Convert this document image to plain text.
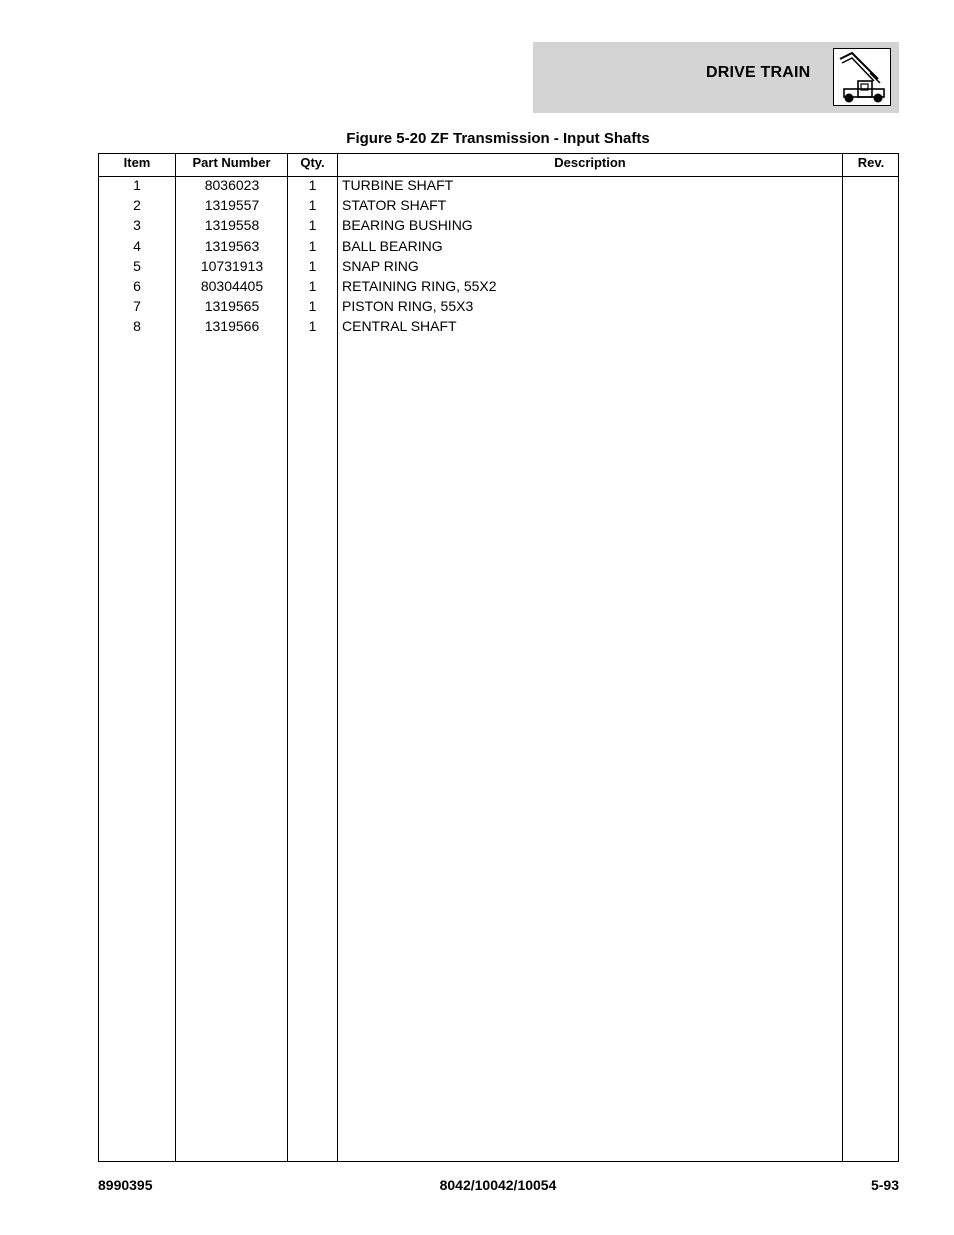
DRIVE TRAIN
Figure 5-20 ZF Transmission - Input Shafts
Item	Part Number	Qty.	Description	Rev.
1	8036023	1	TURBINE SHAFT
2	1319557	1	STATOR SHAFT
3	1319558	1	BEARING BUSHING
4	1319563	1	BALL BEARING
5	10731913	1	SNAP RING
6	80304405	1	RETAINING RING, 55X2
7	1319565	1	PISTON RING, 55X3
8	1319566	1	CENTRAL SHAFT
8990395	8042/10042/10054	5-93
